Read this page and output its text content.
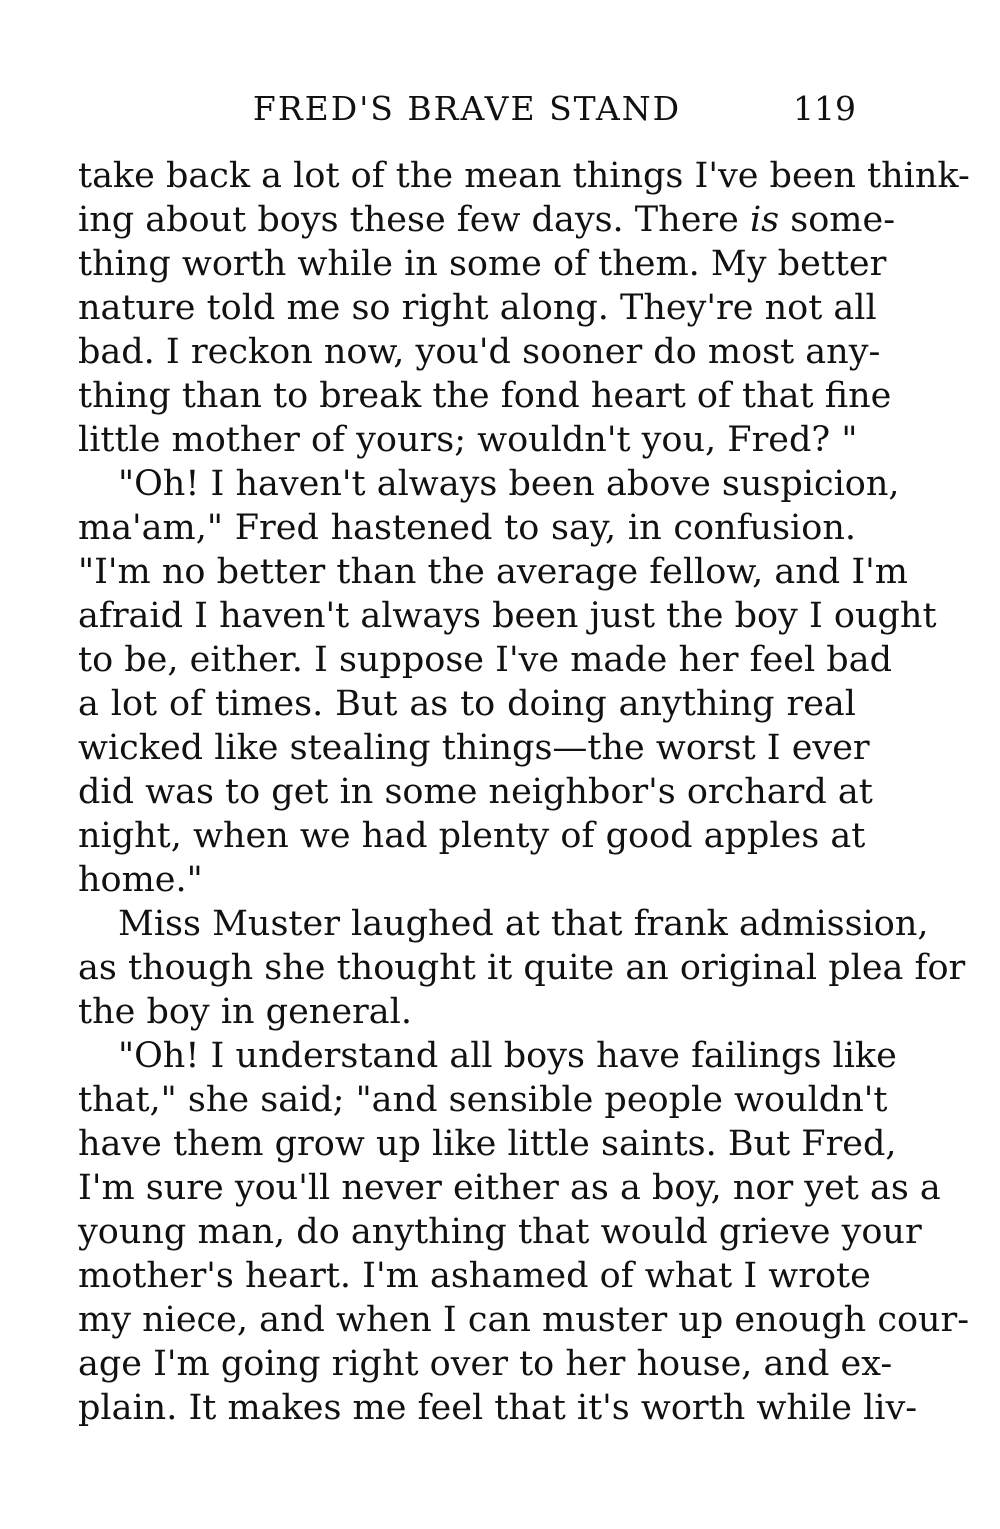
FRED'S BRAVE STAND	119
take back a lot of the mean things I've been think-
ing about boys these few days. There is some-
thing worth while in some of them. My better
nature told me so right along. They're not all
bad. I reckon now, you'd sooner do most any-
thing than to break the fond heart of that fine
little mother of yours; wouldn't you, Fred? "
"Oh! I haven't always been above suspicion,
ma'am," Fred hastened to say, in confusion.
"I'm no better than the average fellow, and I'm
afraid I haven't always been just the boy I ought
to be, either. I suppose I've made her feel bad
a lot of times. But as to doing anything real
wicked like stealing things—the worst I ever
did was to get in some neighbor's orchard at
night, when we had plenty of good apples at
home."
Miss Muster laughed at that frank admission,
as though she thought it quite an original plea for
the boy in general.
"Oh! I understand all boys have failings like
that," she said; "and sensible people wouldn't
have them grow up like little saints. But Fred,
I'm sure you'll never either as a boy, nor yet as a
young man, do anything that would grieve your
mother's heart. I'm ashamed of what I wrote
my niece, and when I can muster up enough cour-
age I'm going right over to her house, and ex-
plain. It makes me feel that it's worth while liv-
